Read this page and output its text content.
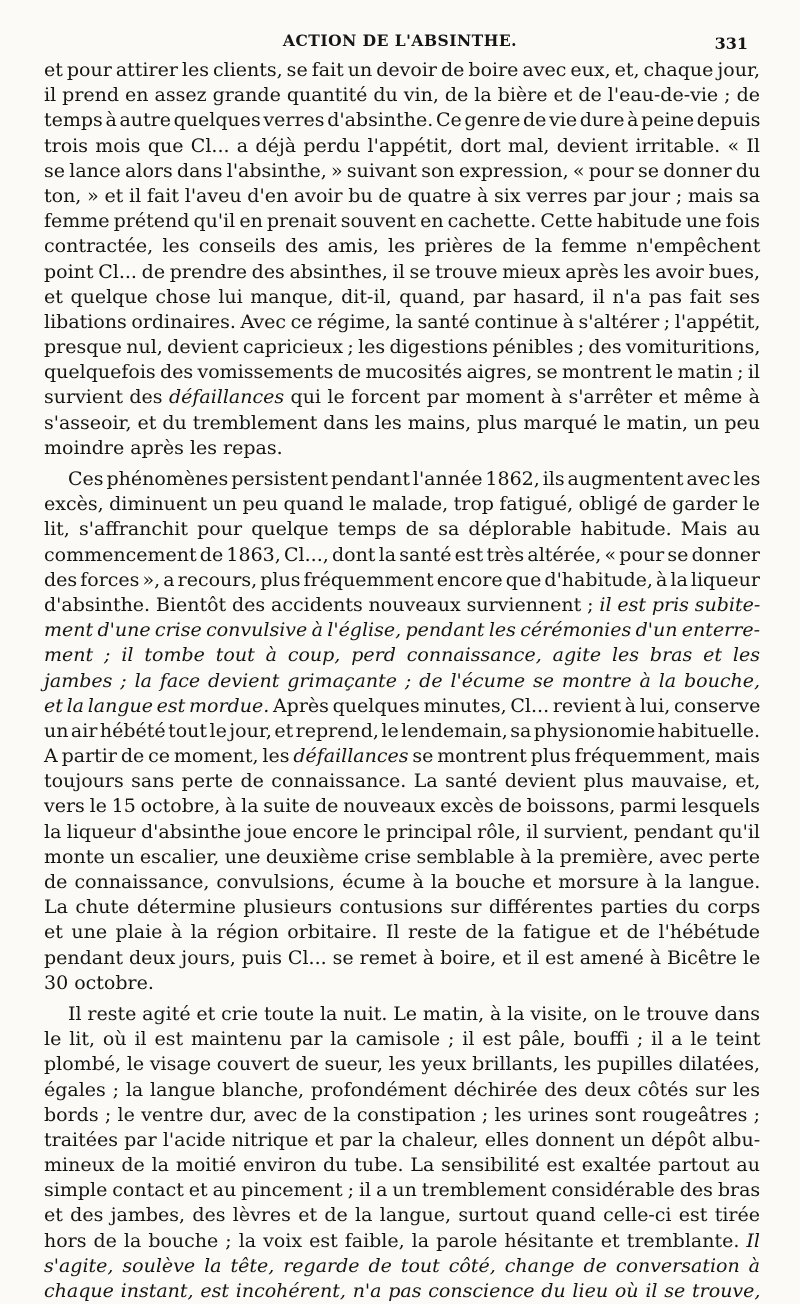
ACTION DE L'ABSINTHE.	331
et pour attirer les clients, se fait un devoir de boire avec eux, et, chaque jour,
il prend en assez grande quantité du vin, de la bière et de l'eau-de-vie ; de
temps à autre quelques verres d'absinthe. Ce genre de vie dure à peine depuis
trois mois que Cl... a déjà perdu l'appétit, dort mal, devient irritable. « Il
se lance alors dans l'absinthe, » suivant son expression, « pour se donner du
ton, » et il fait l'aveu d'en avoir bu de quatre à six verres par jour ; mais sa
femme prétend qu'il en prenait souvent en cachette. Cette habitude une fois
contractée, les conseils des amis, les prières de la femme n'empêchent
point Cl... de prendre des absinthes, il se trouve mieux après les avoir bues,
et quelque chose lui manque, dit-il, quand, par hasard, il n'a pas fait ses
libations ordinaires. Avec ce régime, la santé continue à s'altérer ; l'appétit,
presque nul, devient capricieux ; les digestions pénibles ; des vomituritions,
quelquefois des vomissements de mucosités aigres, se montrent le matin ; il
survient des défaillances qui le forcent par moment à s'arrêter et même à
s'asseoir, et du tremblement dans les mains, plus marqué le matin, un peu
moindre après les repas.
Ces phénomènes persistent pendant l'année 1862, ils augmentent avec les
excès, diminuent un peu quand le malade, trop fatigué, obligé de garder le
lit, s'affranchit pour quelque temps de sa déplorable habitude. Mais au
commencement de 1863, Cl..., dont la santé est très altérée, « pour se donner
des forces », a recours, plus fréquemment encore que d'habitude, à la liqueur
d'absinthe. Bientôt des accidents nouveaux surviennent ; il est pris subite-
ment d'une crise convulsive à l'église, pendant les cérémonies d'un enterre-
ment ; il tombe tout à coup, perd connaissance, agite les bras et les
jambes ; la face devient grimaçante ; de l'écume se montre à la bouche,
et la langue est mordue. Après quelques minutes, Cl... revient à lui, conserve
un air hébété tout le jour, et reprend, le lendemain, sa physionomie habituelle.
A partir de ce moment, les défaillances se montrent plus fréquemment, mais
toujours sans perte de connaissance. La santé devient plus mauvaise, et,
vers le 15 octobre, à la suite de nouveaux excès de boissons, parmi lesquels
la liqueur d'absinthe joue encore le principal rôle, il survient, pendant qu'il
monte un escalier, une deuxième crise semblable à la première, avec perte
de connaissance, convulsions, écume à la bouche et morsure à la langue.
La chute détermine plusieurs contusions sur différentes parties du corps
et une plaie à la région orbitaire. Il reste de la fatigue et de l'hébétude
pendant deux jours, puis Cl... se remet à boire, et il est amené à Bicêtre le
30 octobre.
Il reste agité et crie toute la nuit. Le matin, à la visite, on le trouve dans
le lit, où il est maintenu par la camisole ; il est pâle, bouffi ; il a le teint
plombé, le visage couvert de sueur, les yeux brillants, les pupilles dilatées,
égales ; la langue blanche, profondément déchirée des deux côtés sur les
bords ; le ventre dur, avec de la constipation ; les urines sont rougeâtres ;
traitées par l'acide nitrique et par la chaleur, elles donnent un dépôt albu-
mineux de la moitié environ du tube. La sensibilité est exaltée partout au
simple contact et au pincement ; il a un tremblement considérable des bras
et des jambes, des lèvres et de la langue, surtout quand celle-ci est tirée
hors de la bouche ; la voix est faible, la parole hésitante et tremblante. Il
s'agite, soulève la tête, regarde de tout côté, change de conversation à
chaque instant, est incohérent, n'a pas conscience du lieu où il se trouve,
